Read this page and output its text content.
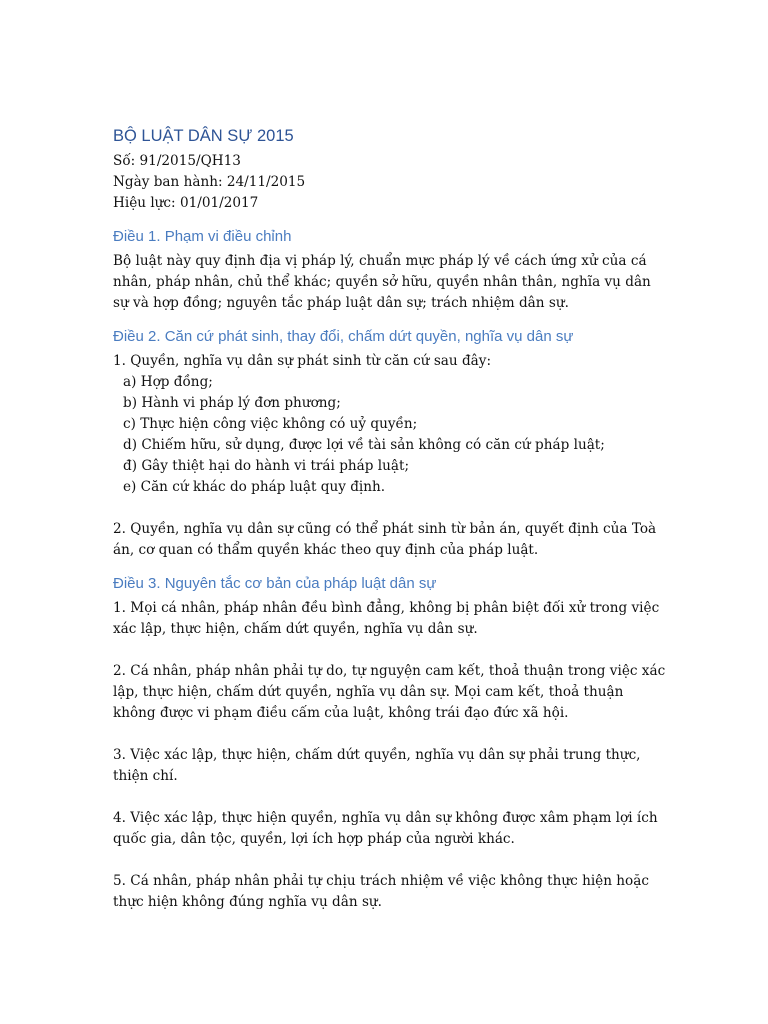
BỘ LUẬT DÂN SỰ 2015

Số: 91/2015/QH13

Ngày ban hành: 24/11/2015

Hiệu lực: 01/01/2017

Điều 1. Phạm vi điều chỉnh

Bộ luật này quy định địa vị pháp lý, chuẩn mực pháp lý về cách ứng xử của cá nhân, pháp nhân, chủ thể khác; quyền sở hữu, quyền nhân thân, nghĩa vụ dân sự và hợp đồng; nguyên tắc pháp luật dân sự; trách nhiệm dân sự.

Điều 2. Căn cứ phát sinh, thay đổi, chấm dứt quyền, nghĩa vụ dân sự

1. Quyền, nghĩa vụ dân sự phát sinh từ căn cứ sau đây:

a) Hợp đồng;

b) Hành vi pháp lý đơn phương;

c) Thực hiện công việc không có uỷ quyền;

d) Chiếm hữu, sử dụng, được lợi về tài sản không có căn cứ pháp luật;

đ) Gây thiệt hại do hành vi trái pháp luật;

e) Căn cứ khác do pháp luật quy định.

2. Quyền, nghĩa vụ dân sự cũng có thể phát sinh từ bản án, quyết định của Toà án, cơ quan có thẩm quyền khác theo quy định của pháp luật.

Điều 3. Nguyên tắc cơ bản của pháp luật dân sự

1. Mọi cá nhân, pháp nhân đều bình đẳng, không bị phân biệt đối xử trong việc xác lập, thực hiện, chấm dứt quyền, nghĩa vụ dân sự.

2. Cá nhân, pháp nhân phải tự do, tự nguyện cam kết, thoả thuận trong việc xác lập, thực hiện, chấm dứt quyền, nghĩa vụ dân sự. Mọi cam kết, thoả thuận không được vi phạm điều cấm của luật, không trái đạo đức xã hội.

3. Việc xác lập, thực hiện, chấm dứt quyền, nghĩa vụ dân sự phải trung thực, thiện chí.

4. Việc xác lập, thực hiện quyền, nghĩa vụ dân sự không được xâm phạm lợi ích quốc gia, dân tộc, quyền, lợi ích hợp pháp của người khác.

5. Cá nhân, pháp nhân phải tự chịu trách nhiệm về việc không thực hiện hoặc thực hiện không đúng nghĩa vụ dân sự.
